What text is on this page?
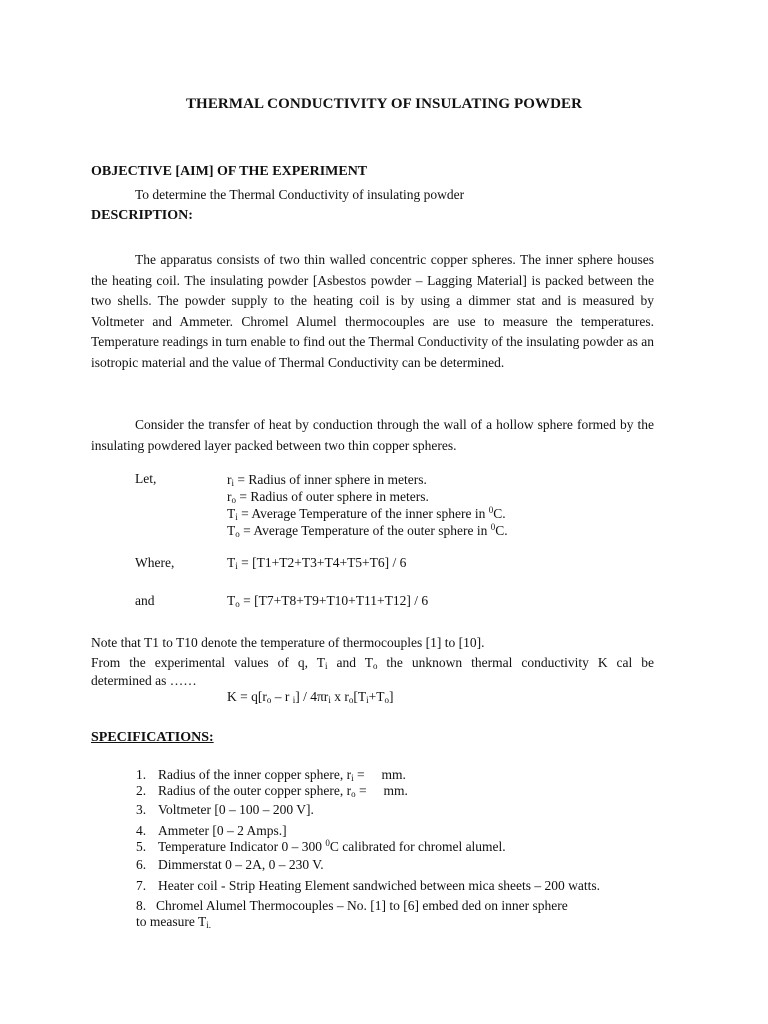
THERMAL CONDUCTIVITY OF INSULATING POWDER
OBJECTIVE [AIM] OF THE EXPERIMENT
To determine the Thermal Conductivity of insulating powder
DESCRIPTION:
The apparatus consists of two thin walled concentric copper spheres. The inner sphere houses the heating coil. The insulating powder [Asbestos powder – Lagging Material] is packed between the two shells. The powder supply to the heating coil is by using a dimmer stat and is measured by Voltmeter and Ammeter. Chromel Alumel thermocouples are use to measure the temperatures. Temperature readings in turn enable to find out the Thermal Conductivity of the insulating powder as an isotropic material and the value of Thermal Conductivity can be determined.
Consider the transfer of heat by conduction through the wall of a hollow sphere formed by the insulating powdered layer packed between two thin copper spheres.
Let,	$r_i$ = Radius of inner sphere in meters.
$r_o$ = Radius of outer sphere in meters.
$T_i$ = Average Temperature of the inner sphere in $^0$C.
$T_o$ = Average Temperature of the outer sphere in $^0$C.
Where,	$T_i = [T1+T2+T3+T4+T5+T6] / 6$
and	$T_o = [T7+T8+T9+T10+T11+T12] / 6$
Note that T1 to T10 denote the temperature of thermocouples [1] to [10].
From the experimental values of q, $T_i$ and $T_o$ the unknown thermal conductivity K cal be
determined as ……
$K = q[r_o - r$ $_i] / 4\pi r_i$ x $r_o[T_i+T_o]$
SPECIFICATIONS:
1. Radius of the inner copper sphere, $r_i$ =     mm.
2. Radius of the outer copper sphere, $r_o$ =     mm.
3. Voltmeter [0 – 100 – 200 V].
4. Ammeter [0 – 2 Amps.]
5. Temperature Indicator 0 – 300 $^0$C calibrated for chromel alumel.
6. Dimmerstat 0 – 2A, 0 – 230 V.
7. Heater coil - Strip Heating Element sandwiched between mica sheets – 200 watts.
8. Chromel Alumel Thermocouples – No. [1] to [6] embed ded on inner sphere
to measure $T_{i.}$
